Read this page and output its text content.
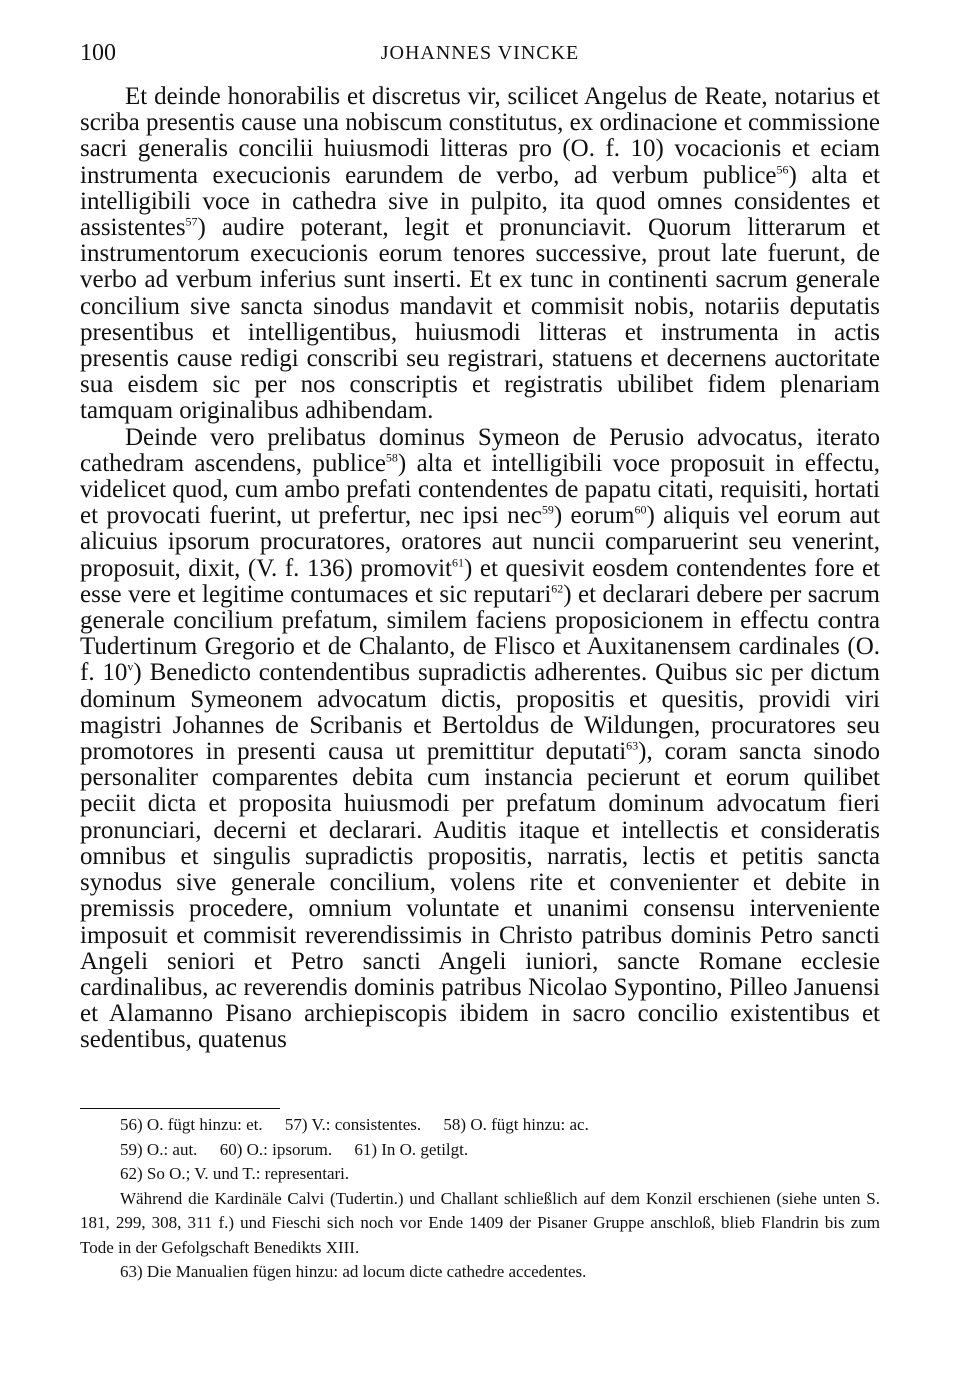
100	JOHANNES VINCKE

Et deinde honorabilis et discretus vir, scilicet Angelus de Reate, notarius et scriba presentis cause una nobiscum constitutus, ex ordinacione et commissione sacri generalis concilii huiusmodi litteras pro (O. f. 10) vocacionis et eciam instrumenta execucionis earundem de verbo, ad verbum publice$^{56}$) alta et intelligibili voce in cathedra sive in pulpito, ita quod omnes considentes et assistentes$^{57}$) audire poterant, legit et pronunciavit. Quorum litterarum et instrumentorum execucionis eorum tenores successive, prout late fuerunt, de verbo ad verbum inferius sunt inserti. Et ex tunc in continenti sacrum generale concilium sive sancta sinodus mandavit et commisit nobis, notariis deputatis presentibus et intelligentibus, huiusmodi litteras et instrumenta in actis presentis cause redigi conscribi seu registrari, statuens et decernens auctoritate sua eisdem sic per nos conscriptis et registratis ubilibet fidem plenariam tamquam originalibus adhibendam.

Deinde vero prelibatus dominus Symeon de Perusio advocatus, iterato cathedram ascendens, publice$^{58}$) alta et intelligibili voce proposuit in effectu, videlicet quod, cum ambo prefati contendentes de papatu citati, requisiti, hortati et provocati fuerint, ut prefertur, nec ipsi nec$^{59}$) eorum$^{60}$) aliquis vel eorum aut alicuius ipsorum procuratores, oratores aut nuncii comparuerint seu venerint, proposuit, dixit, (V. f. 136) promovit$^{61}$) et quesivit eosdem contendentes fore et esse vere et legitime contumaces et sic reputari$^{62}$) et declarari debere per sacrum generale concilium prefatum, similem faciens proposicionem in effectu contra Tudertinum Gregorio et de Chalanto, de Flisco et Auxitanensem cardinales (O. f. 10$^v$) Benedicto contendentibus supradictis adherentes. Quibus sic per dictum dominum Symeonem advocatum dictis, propositis et quesitis, providi viri magistri Johannes de Scribanis et Bertoldus de Wildungen, procuratores seu promotores in presenti causa ut premittitur deputati$^{63}$), coram sancta sinodo personaliter comparentes debita cum instancia pecierunt et eorum quilibet peciit dicta et proposita huiusmodi per prefatum dominum advocatum fieri pronunciari, decerni et declarari. Auditis itaque et intellectis et consideratis omnibus et singulis supradictis propositis, narratis, lectis et petitis sancta synodus sive generale concilium, volens rite et convenienter et debite in premissis procedere, omnium voluntate et unanimi consensu interveniente imposuit et commisit reverendissimis in Christo patribus dominis Petro sancti Angeli seniori et Petro sancti Angeli iuniori, sancte Romane ecclesie cardinalibus, ac reverendis dominis patribus Nicolao Sypontino, Pilleo Januensi et Alamanno Pisano archiepiscopis ibidem in sacro concilio existentibus et sedentibus, quatenus

56) O. fügt hinzu: et. 57) V.: consistentes. 58) O. fügt hinzu: ac.
59) O.: aut. 60) O.: ipsorum. 61) In O. getilgt.
62) So O.; V. und T.: representari.

Während die Kardinäle Calvi (Tudertin.) und Challant schließlich auf dem Konzil erschienen (siehe unten S. 181, 299, 308, 311 f.) und Fieschi sich noch vor Ende 1409 der Pisaner Gruppe anschloß, blieb Flandrin bis zum Tode in der Gefolgschaft Benedikts XIII.

63) Die Manualien fügen hinzu: ad locum dicte cathedre accedentes.
